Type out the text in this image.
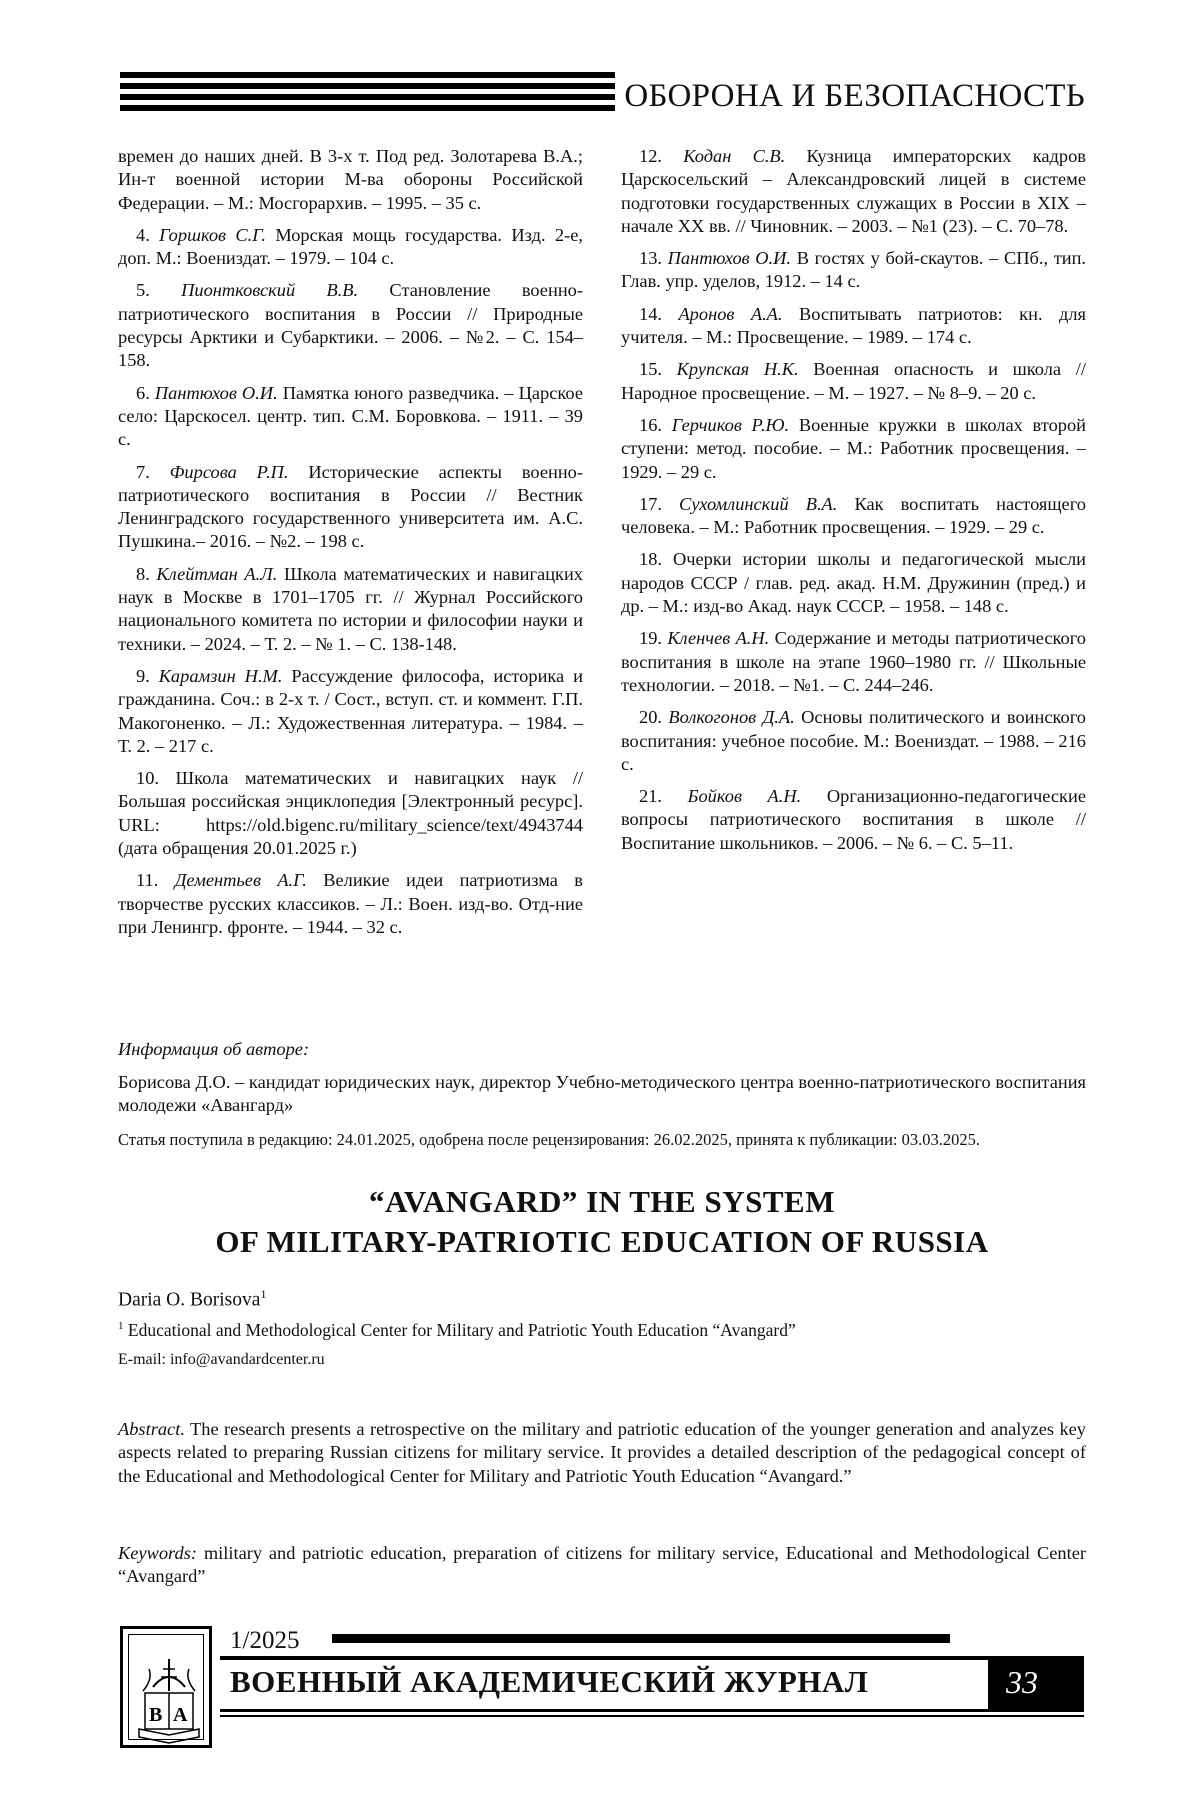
ОБОРОНА И БЕЗОПАСНОСТЬ

времен до наших дней. В 3-х т. Под ред. Золотарева В.А.; Ин-т военной истории М-ва обороны Российской Федерации. – М.: Мосгорархив. – 1995. – 35 с.

4. Горшков С.Г. Морская мощь государства. Изд. 2-е, доп. М.: Воениздат. – 1979. – 104 с.

5. Пионтковский В.В. Становление военно-патриотического воспитания в России // Природные ресурсы Арктики и Субарктики. – 2006. – №2. – С. 154–158.

6. Пантюхов О.И. Памятка юного разведчика. – Царское село: Царскосел. центр. тип. С.М. Боровкова. – 1911. – 39 с.

7. Фирсова Р.П. Исторические аспекты военно-патриотического воспитания в России // Вестник Ленинградского государственного университета им. А.С. Пушкина.– 2016. – №2. – 198 с.

8. Клейтман А.Л. Школа математических и навигацких наук в Москве в 1701–1705 гг. // Журнал Российского национального комитета по истории и философии науки и техники. – 2024. – Т. 2. – № 1. – С. 138-148.

9. Карамзин Н.М. Рассуждение философа, историка и гражданина. Соч.: в 2-х т. / Сост., вступ. ст. и коммент. Г.П. Макогоненко. – Л.: Художественная литература. – 1984. – Т. 2. – 217 с.

10. Школа математических и навигацких наук // Большая российская энциклопедия [Электронный ресурс]. URL: https://old.bigenc.ru/military_science/text/4943744 (дата обращения 20.01.2025 г.)

11. Дементьев А.Г. Великие идеи патриотизма в творчестве русских классиков. – Л.: Воен. изд-во. Отд-ние при Ленингр. фронте. – 1944. – 32 с.

12. Кодан С.В. Кузница императорских кадров Царскосельский – Александровский лицей в системе подготовки государственных служащих в России в XIX – начале XX вв. // Чиновник. – 2003. – №1 (23). – С. 70–78.

13. Пантюхов О.И. В гостях у бой-скаутов. – СПб., тип. Глав. упр. уделов, 1912. – 14 с.

14. Аронов А.А. Воспитывать патриотов: кн. для учителя. – М.: Просвещение. – 1989. – 174 с.

15. Крупская Н.К. Военная опасность и школа // Народное просвещение. – М. – 1927. – № 8–9. – 20 с.

16. Герчиков Р.Ю. Военные кружки в школах второй ступени: метод. пособие. – М.: Работник просвещения. – 1929. – 29 с.

17. Сухомлинский В.А. Как воспитать настоящего человека. – М.: Работник просвещения. – 1929. – 29 с.

18. Очерки истории школы и педагогической мысли народов СССР / глав. ред. акад. Н.М. Дружинин (пред.) и др. – М.: изд-во Акад. наук СССР. – 1958. – 148 с.

19. Кленчев А.Н. Содержание и методы патриотического воспитания в школе на этапе 1960–1980 гг. // Школьные технологии. – 2018. – №1. – С. 244–246.

20. Волкогонов Д.А. Основы политического и воинского воспитания: учебное пособие. М.: Воениздат. – 1988. – 216 с.

21. Бойков А.Н. Организационно-педагогические вопросы патриотического воспитания в школе // Воспитание школьников. – 2006. – № 6. – С. 5–11.

Информация об авторе:
Борисова Д.О. – кандидат юридических наук, директор Учебно-методического центра военно-патриотического воспитания молодежи «Авангард»
Статья поступила в редакцию: 24.01.2025, одобрена после рецензирования: 26.02.2025, принята к публикации: 03.03.2025.
“AVANGARD” IN THE SYSTEM
OF MILITARY-PATRIOTIC EDUCATION OF RUSSIA
Daria O. Borisova$^1$
$^1$ Educational and Methodological Center for Military and Patriotic Youth Education “Avangard”
E-mail: info@avandardcenter.ru
Abstract. The research presents a retrospective on the military and patriotic education of the younger generation and analyzes key aspects related to preparing Russian citizens for military service. It provides a detailed description of the pedagogical concept of the Educational and Methodological Center for Military and Patriotic Youth Education “Avangard.”
Keywords: military and patriotic education, preparation of citizens for military service, Educational and Methodological Center “Avangard”
В А
1/2025
ВОЕННЫЙ АКАДЕМИЧЕСКИЙ ЖУРНАЛ	33
